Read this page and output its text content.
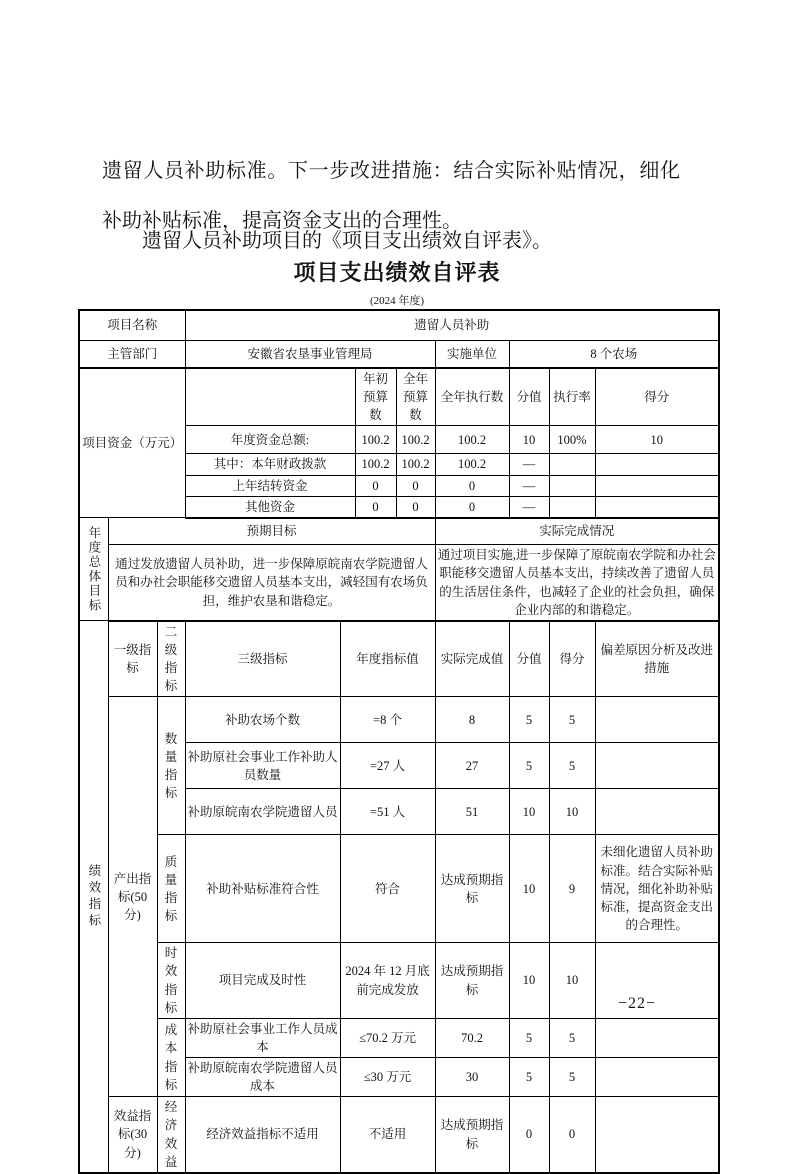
遗留人员补助标准。下一步改进措施：结合实际补贴情况，细化补助补贴标准，提高资金支出的合理性。

遗留人员补助项目的《项目支出绩效自评表》。

项目支出绩效自评表
(2024 年度)
项目名称			遗留人员补助							
主管部门			安徽省农垦事业管理局				实施单位	8 个农场		
项目资金（万元）					年初预算数	全年预算数	全年执行数	分值	执行率	得分
			年度资金总额:		100.2	100.2	100.2	10	100%	10
			其中：本年财政拨款		100.2	100.2	100.2	—		
			上年结转资金		0	0	0	—		
			其他资金		0	0	0	—		
年度总体目标	预期目标						实际完成情况			
	通过发放遗留人员补助，进一步保障原皖南农学院遗留人员和办社会职能移交遗留人员基本支出，减轻国有农场负担，维护农垦和谐稳定。						通过项目实施,进一步保障了原皖南农学院和办社会职能移交遗留人员基本支出，持续改善了遗留人员的生活居住条件，也减轻了企业的社会负担，确保企业内部的和谐稳定。			
绩效指标	一级指标	二级指标	三级指标	年度指标值			实际完成值	分值	得分	偏差原因分析及改进措施
	产出指标(50 分)	数量指标	补助农场个数	=8 个			8	5	5	
			补助原社会事业工作补助人员数量	=27 人			27	5	5	
			补助原皖南农学院遗留人员	=51 人			51	10	10	
		质量指标	补助补贴标准符合性	符合			达成预期指标	10	9	未细化遗留人员补助标准。结合实际补贴情况，细化补助补贴标准，提高资金支出的合理性。
		时效指标	项目完成及时性	2024 年 12 月底前完成发放			达成预期指标	10	10	
		成本指标	补助原社会事业工作人员成本	≤70.2 万元			70.2	5	5	
			补助原皖南农学院遗留人员成本	≤30 万元			30	5	5	
	效益指标(30 分)	经济效益	经济效益指标不适用	不适用			达成预期指标	0	0	
−22−
